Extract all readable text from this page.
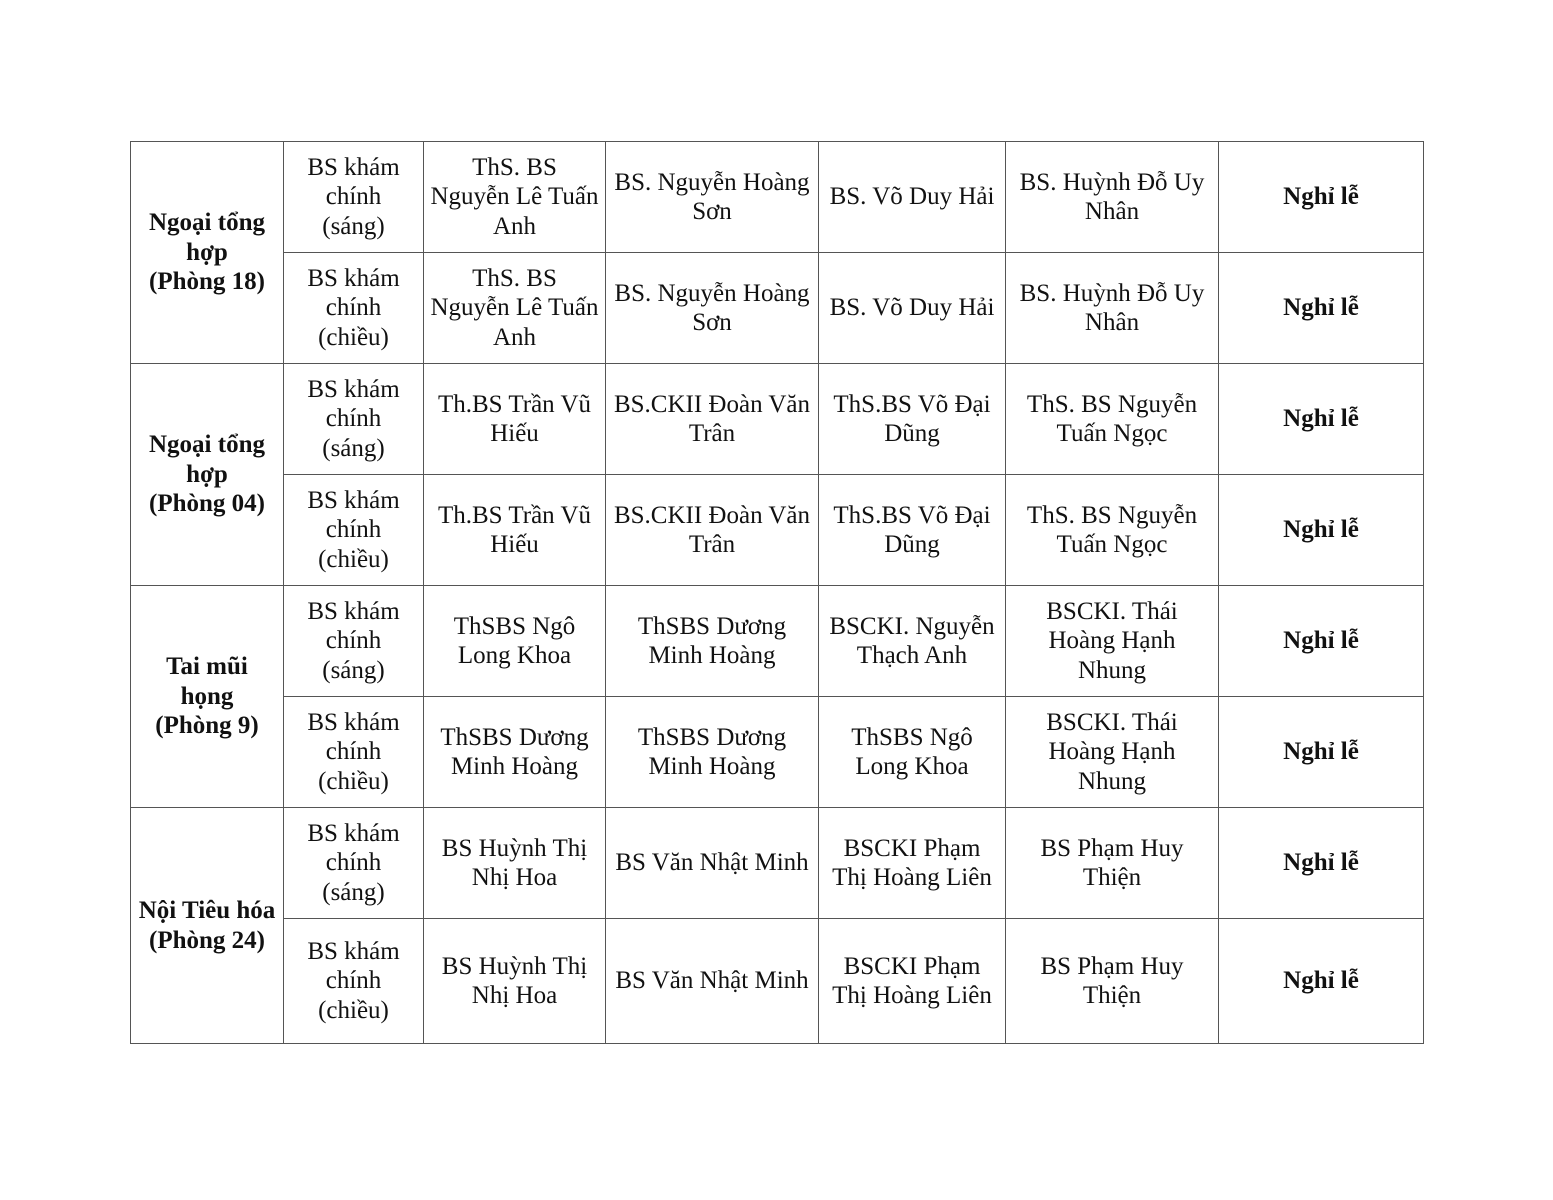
Ngoại tổng hợp
(Phòng 18)	BS khám chính (sáng)	ThS. BS Nguyễn Lê Tuấn Anh	BS. Nguyễn Hoàng Sơn	BS. Võ Duy Hải	BS. Huỳnh Đỗ Uy Nhân	Nghỉ lễ

	BS khám chính (chiều)	ThS. BS Nguyễn Lê Tuấn Anh	BS. Nguyễn Hoàng Sơn	BS. Võ Duy Hải	BS. Huỳnh Đỗ Uy Nhân	Nghỉ lễ

Ngoại tổng hợp
(Phòng 04)	BS khám chính (sáng)	Th.BS Trần Vũ Hiếu	BS.CKII Đoàn Văn Trân	ThS.BS Võ Đại Dũng	ThS. BS Nguyễn Tuấn Ngọc	Nghỉ lễ

	BS khám chính (chiều)	Th.BS Trần Vũ Hiếu	BS.CKII Đoàn Văn Trân	ThS.BS Võ Đại Dũng	ThS. BS Nguyễn Tuấn Ngọc	Nghỉ lễ

Tai mũi họng
(Phòng 9)	BS khám chính (sáng)	ThSBS Ngô Long Khoa	ThSBS Dương Minh Hoàng	BSCKI. Nguyễn Thạch Anh	BSCKI. Thái Hoàng Hạnh Nhung	Nghỉ lễ

	BS khám chính (chiều)	ThSBS Dương Minh Hoàng	ThSBS Dương Minh Hoàng	ThSBS Ngô Long Khoa	BSCKI. Thái Hoàng Hạnh Nhung	Nghỉ lễ

Nội Tiêu hóa
(Phòng 24)	BS khám chính (sáng)	BS Huỳnh Thị Nhị Hoa	BS Văn Nhật Minh	BSCKI Phạm Thị Hoàng Liên	BS Phạm Huy Thiện	Nghỉ lễ

	BS khám chính (chiều)	BS Huỳnh Thị Nhị Hoa	BS Văn Nhật Minh	BSCKI Phạm Thị Hoàng Liên	BS Phạm Huy Thiện	Nghỉ lễ
